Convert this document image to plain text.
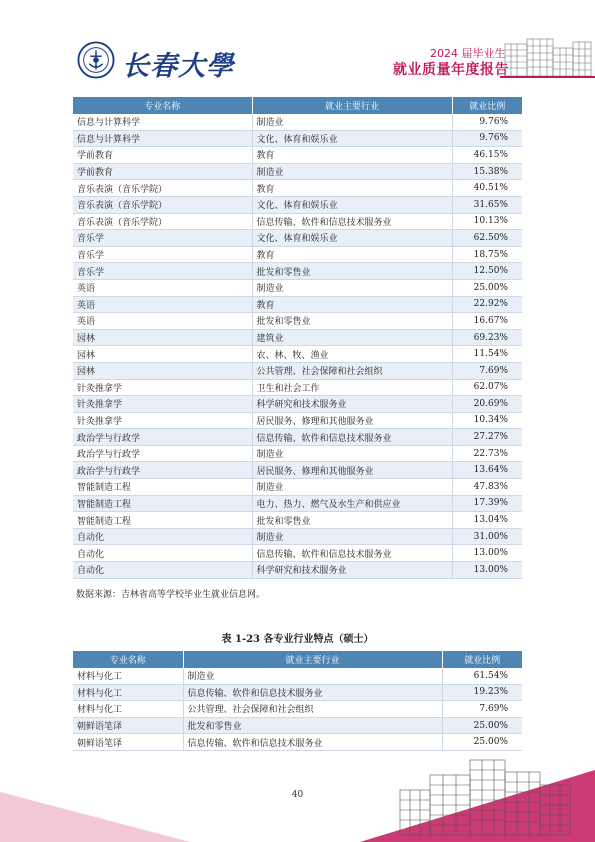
长春大學	2024 届毕业生
就业质量年度报告
专业名称	就业主要行业	就业比例
信息与计算科学	制造业	9.76%
信息与计算科学	文化、体育和娱乐业	9.76%
学前教育	教育	46.15%
学前教育	制造业	15.38%
音乐表演（音乐学院）	教育	40.51%
音乐表演（音乐学院）	文化、体育和娱乐业	31.65%
音乐表演（音乐学院）	信息传输、软件和信息技术服务业	10.13%
音乐学	文化、体育和娱乐业	62.50%
音乐学	教育	18.75%
音乐学	批发和零售业	12.50%
英语	制造业	25.00%
英语	教育	22.92%
英语	批发和零售业	16.67%
园林	建筑业	69.23%
园林	农、林、牧、渔业	11.54%
园林	公共管理、社会保障和社会组织	7.69%
针灸推拿学	卫生和社会工作	62.07%
针灸推拿学	科学研究和技术服务业	20.69%
针灸推拿学	居民服务、修理和其他服务业	10.34%
政治学与行政学	信息传输、软件和信息技术服务业	27.27%
政治学与行政学	制造业	22.73%
政治学与行政学	居民服务、修理和其他服务业	13.64%
智能制造工程	制造业	47.83%
智能制造工程	电力、热力、燃气及水生产和供应业	17.39%
智能制造工程	批发和零售业	13.04%
自动化	制造业	31.00%
自动化	信息传输、软件和信息技术服务业	13.00%
自动化	科学研究和技术服务业	13.00%
数据来源：吉林省高等学校毕业生就业信息网。
表 1-23 各专业行业特点（硕士）
专业名称	就业主要行业	就业比例
材料与化工	制造业	61.54%
材料与化工	信息传输、软件和信息技术服务业	19.23%
材料与化工	公共管理、社会保障和社会组织	7.69%
朝鲜语笔译	批发和零售业	25.00%
朝鲜语笔译	信息传输、软件和信息技术服务业	25.00%
40
